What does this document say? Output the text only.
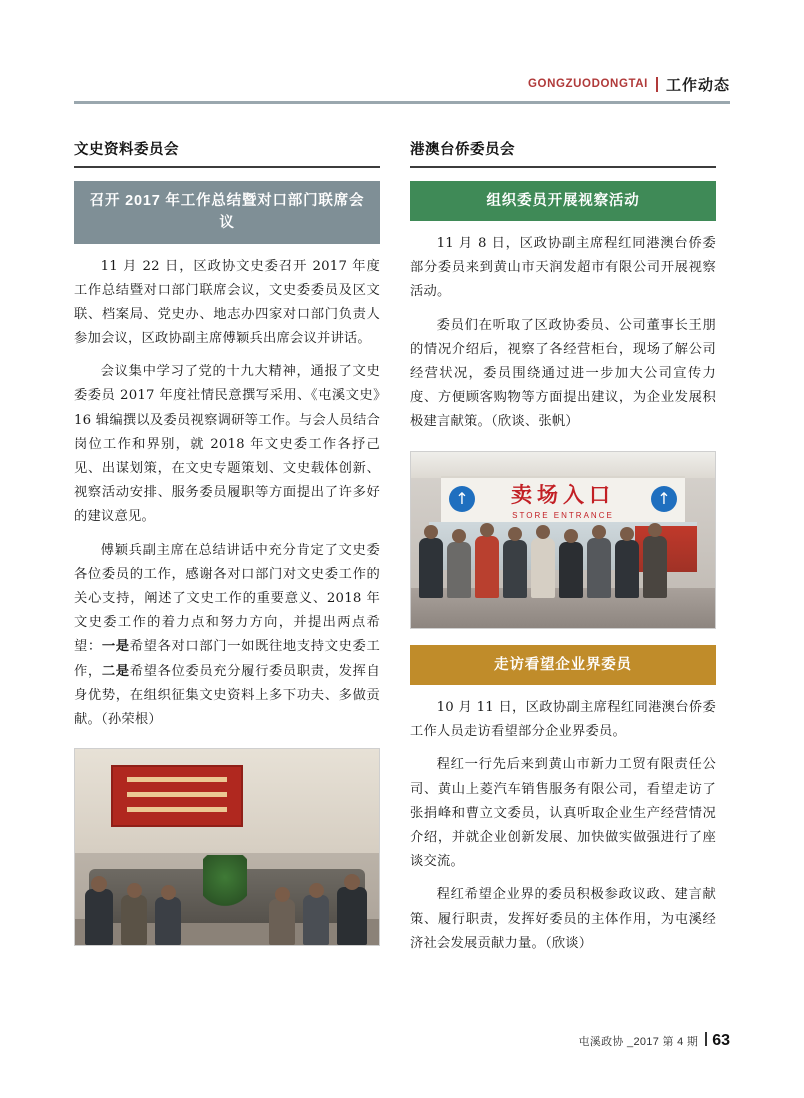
GONGZUODONGTAI 工作动态
文史资料委员会
召开 2017 年工作总结暨对口部门联席会议

11 月 22 日，区政协文史委召开 2017 年度工作总结暨对口部门联席会议，文史委委员及区文联、档案局、党史办、地志办四家对口部门负责人参加会议，区政协副主席傅颖兵出席会议并讲话。

会议集中学习了党的十九大精神，通报了文史委委员 2017 年度社情民意撰写采用、《屯溪文史》16 辑编撰以及委员视察调研等工作。与会人员结合岗位工作和界别，就 2018 年文史委工作各抒己见、出谋划策，在文史专题策划、文史载体创新、视察活动安排、服务委员履职等方面提出了许多好的建议意见。

傅颖兵副主席在总结讲话中充分肯定了文史委各位委员的工作，感谢各对口部门对文史委工作的关心支持，阐述了文史工作的重要意义、2018 年文史委工作的着力点和努力方向，并提出两点希望：一是希望各对口部门一如既往地支持文史委工作，二是希望各位委员充分履行委员职责，发挥自身优势，在组织征集文史资料上多下功夫、多做贡献。（孙荣根）

港澳台侨委员会
组织委员开展视察活动

11 月 8 日，区政协副主席程红同港澳台侨委部分委员来到黄山市天润发超市有限公司开展视察活动。

委员们在听取了区政协委员、公司董事长王朋的情况介绍后，视察了各经营柜台，现场了解公司经营状况，委员围绕通过进一步加大公司宣传力度、方便顾客购物等方面提出建议，为企业发展积极建言献策。（欣谈、张帆）

卖场入口
STORE ENTRANCE
↑	↑
走访看望企业界委员

10 月 11 日，区政协副主席程红同港澳台侨委工作人员走访看望部分企业界委员。

程红一行先后来到黄山市新力工贸有限责任公司、黄山上菱汽车销售服务有限公司，看望走访了张捐峰和曹立文委员，认真听取企业生产经营情况介绍，并就企业创新发展、加快做实做强进行了座谈交流。

程红希望企业界的委员积极参政议政、建言献策、履行职责，发挥好委员的主体作用，为屯溪经济社会发展贡献力量。（欣谈）

屯溪政协 _2017 第 4 期 63
